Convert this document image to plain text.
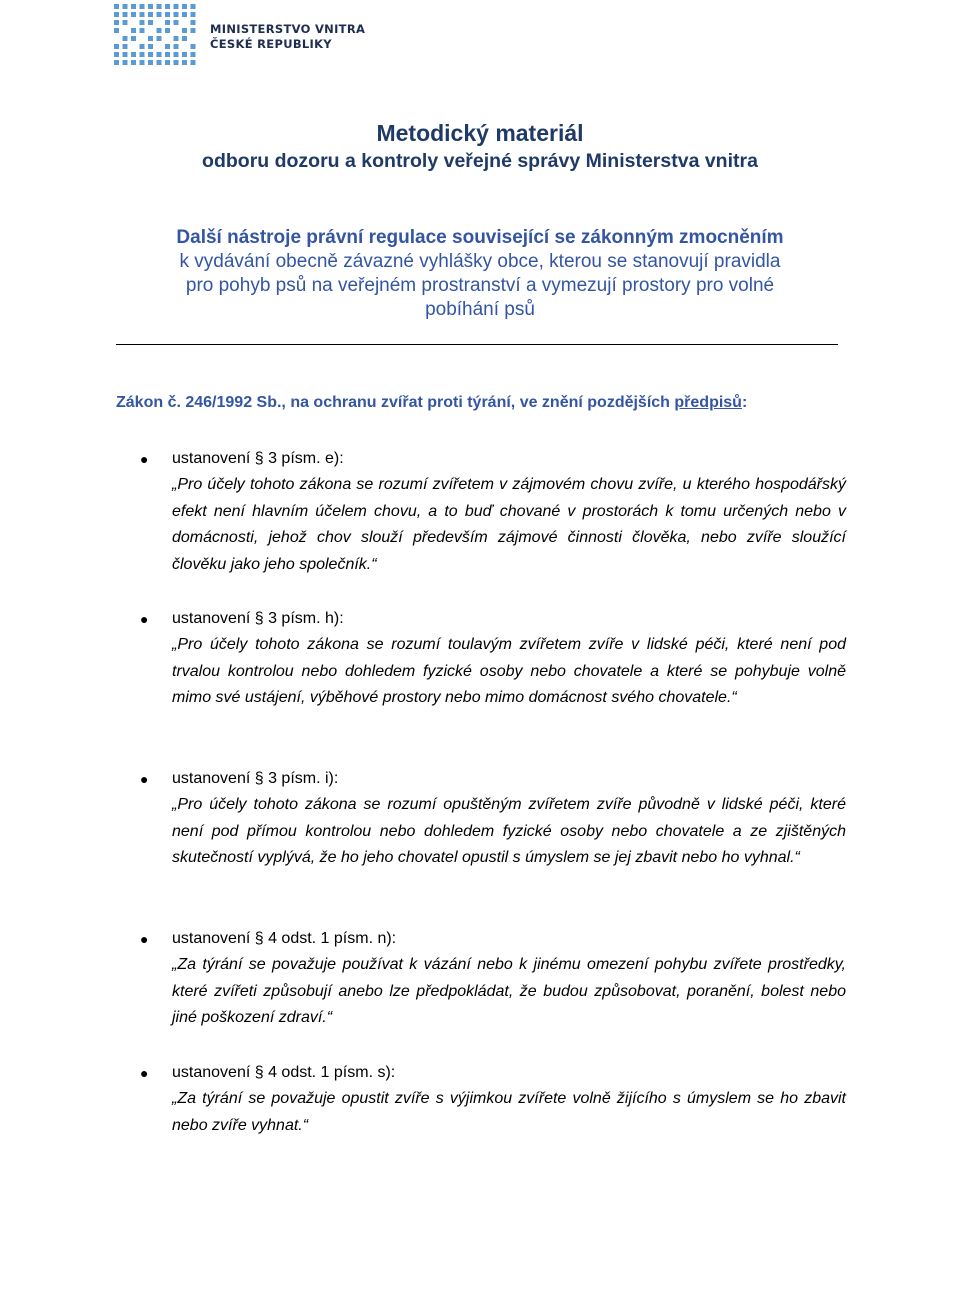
MINISTERSTVO VNITRA
ČESKÉ REPUBLIKY
Metodický materiál
odboru dozoru a kontroly veřejné správy Ministerstva vnitra
Další nástroje právní regulace související se zákonným zmocněním
k vydávání obecně závazné vyhlášky obce, kterou se stanovují pravidla
pro pohyb psů na veřejném prostranství a vymezují prostory pro volné
pobíhání psů
Zákon č. 246/1992 Sb., na ochranu zvířat proti týrání, ve znění pozdějších předpisů:
● ustanovení § 3 písm. e):
„Pro účely tohoto zákona se rozumí zvířetem v zájmovém chovu zvíře, u kterého hospodářský efekt není hlavním účelem chovu, a to buď chované v prostorách k tomu určených nebo v domácnosti, jehož chov slouží především zájmové činnosti člověka, nebo zvíře sloužící člověku jako jeho společník.“
● ustanovení § 3 písm. h):
„Pro účely tohoto zákona se rozumí toulavým zvířetem zvíře v lidské péči, které není pod trvalou kontrolou nebo dohledem fyzické osoby nebo chovatele a které se pohybuje volně mimo své ustájení, výběhové prostory nebo mimo domácnost svého chovatele.“
● ustanovení § 3 písm. i):
„Pro účely tohoto zákona se rozumí opuštěným zvířetem zvíře původně v lidské péči, které není pod přímou kontrolou nebo dohledem fyzické osoby nebo chovatele a ze zjištěných skutečností vyplývá, že ho jeho chovatel opustil s úmyslem se jej zbavit nebo ho vyhnal.“
● ustanovení § 4 odst. 1 písm. n):
„Za týrání se považuje používat k vázání nebo k jinému omezení pohybu zvířete prostředky, které zvířeti způsobují anebo lze předpokládat, že budou způsobovat, poranění, bolest nebo jiné poškození zdraví.“
● ustanovení § 4 odst. 1 písm. s):
„Za týrání se považuje opustit zvíře s výjimkou zvířete volně žijícího s úmyslem se ho zbavit nebo zvíře vyhnat.“
